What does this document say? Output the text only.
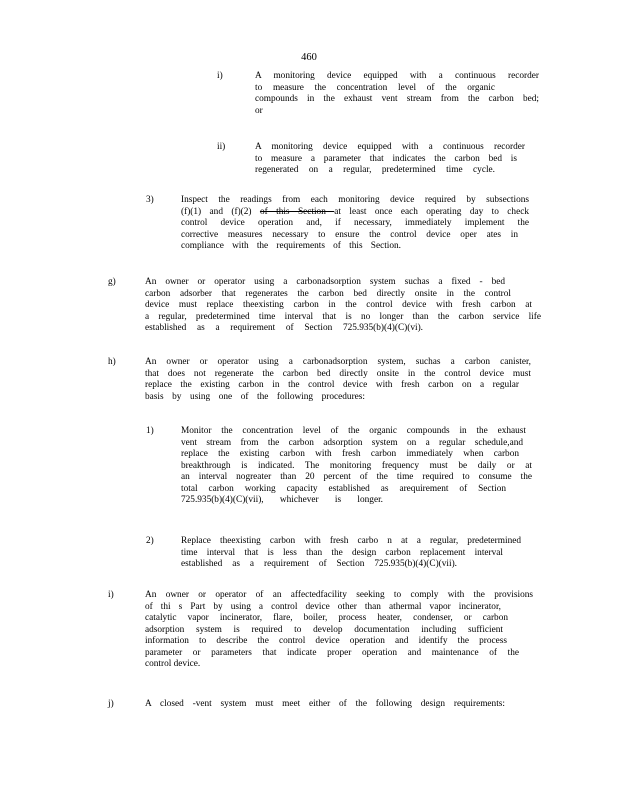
460
i)	A monitoring device equipped with a continuous recorder
to measure the concentration level of the organic
compounds in the exhaust vent stream from the carbon bed;
or
ii)	A monitoring device equipped with a continuous recorder
to measure a parameter that indicates the carbon bed is
regenerated on a regular, predetermined time cycle.
3)	Inspect the readings from each monitoring device required by subsections
(f)(1) and (f)(2) of this Section at least once each operating day to check
control device operation and, if necessary, immediately implement the
corrective measures necessary to ensure the control device oper ates in
compliance with the requirements of this Section.
g)	An owner or operator using a carbonadsorption system suchas a fixed - bed
carbon adsorber that regenerates the carbon bed directly onsite in the control
device must replace theexisting carbon in the control device with fresh carbon at
a regular, predetermined time interval that is no longer than the carbon service life
established as a requirement of Section 725.935(b)(4)(C)(vi).
h)	An owner or operator using a carbonadsorption system, suchas a carbon canister,
that does not regenerate the carbon bed directly onsite in the control device must
replace the existing carbon in the control device with fresh carbon on a regular
basis by using one of the following procedures:
1)	Monitor the concentration level of the organic compounds in the exhaust
vent stream from the carbon adsorption system on a regular schedule,and
replace the existing carbon with fresh carbon immediately when carbon
breakthrough is indicated. The monitoring frequency must be daily or at
an interval nogreater than 20 percent of the time required to consume the
total carbon working capacity established as arequirement of Section
725.935(b)(4)(C)(vii), whichever is longer.
2)	Replace theexisting carbon with fresh carbo n at a regular, predetermined
time interval that is less than the design carbon replacement interval
established as a requirement of Section 725.935(b)(4)(C)(vii).
i)	An owner or operator of an affectedfacility seeking to comply with the provisions
of thi s Part by using a control device other than athermal vapor incinerator,
catalytic vapor incinerator, flare, boiler, process heater, condenser, or carbon
adsorption system is required to develop documentation including sufficient
information to describe the control device operation and identify the process
parameter or parameters that indicate proper operation and maintenance of the
control device.
j)	A closed -vent system must meet either of the following design requirements:
